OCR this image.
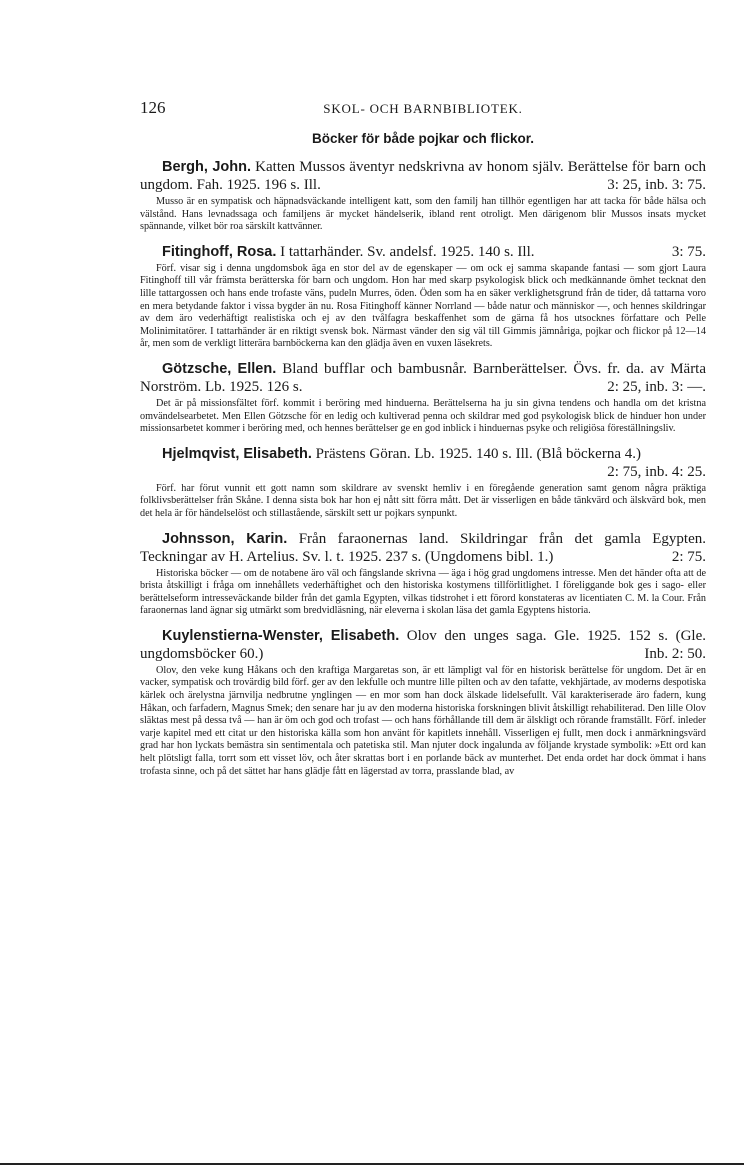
126	SKOL- OCH BARNBIBLIOTEK.
Böcker för både pojkar och flickor.
Bergh, John. Katten Mussos äventyr nedskrivna av honom själv. Berättelse för barn och ungdom. Fah. 1925. 196 s. Ill.	3: 25, inb. 3: 75.
Musso är en sympatisk och häpnadsväckande intelligent katt, som den familj han tillhör egentligen har att tacka för både hälsa och välstånd. Hans levnadssaga och familjens är mycket händelserik, ibland rent otroligt. Men därigenom blir Mussos insats mycket spännande, vilket bör roa särskilt kattvänner.
Fitinghoff, Rosa. I tattarhänder. Sv. andelsf. 1925. 140 s. Ill.	3: 75.
Förf. visar sig i denna ungdomsbok äga en stor del av de egenskaper — om ock ej samma skapande fantasi — som gjort Laura Fitinghoff till vår främsta berätterska för barn och ungdom. Hon har med skarp psykologisk blick och medkännande ömhet tecknat den lille tattargossen och hans ende trofaste väns, pudeln Murres, öden. Öden som ha en säker verklighetsgrund från de tider, då tattarna voro en mera betydande faktor i vissa bygder än nu. Rosa Fitinghoff känner Norrland — både natur och människor —, och hennes skildringar av dem äro vederhäftigt realistiska och ej av den tvålfagra beskaffenhet som de gärna få hos utsocknes författare och Pelle Molinimitatörer. I tattarhänder är en riktigt svensk bok. Närmast vänder den sig väl till Gimmis jämnåriga, pojkar och flickor på 12—14 år, men som de verkligt litterära barnböckerna kan den glädja även en vuxen läsekrets.
Götzsche, Ellen. Bland bufflar och bambusnår. Barnberättelser. Övs. fr. da. av Märta Norström. Lb. 1925. 126 s.	2: 25, inb. 3: —.
Det är på missionsfältet förf. kommit i beröring med hinduerna. Berättelserna ha ju sin givna tendens och handla om det kristna omvändelsearbetet. Men Ellen Götzsche för en ledig och kultiverad penna och skildrar med god psykologisk blick de hinduer hon under missionsarbetet kommer i beröring med, och hennes berättelser ge en god inblick i hinduernas psyke och religiösa föreställningsliv.
Hjelmqvist, Elisabeth. Prästens Göran. Lb. 1925. 140 s. Ill. (Blå böckerna 4.)
2: 75, inb. 4: 25.
Förf. har förut vunnit ett gott namn som skildrare av svenskt hemliv i en föregående generation samt genom några präktiga folklivsberättelser från Skåne. I denna sista bok har hon ej nått sitt förra mått. Det är visserligen en både tänkvärd och älskvärd bok, men det hela är för händelselöst och stillastående, särskilt sett ur pojkars synpunkt.
Johnsson, Karin. Från faraonernas land. Skildringar från det gamla Egypten. Teckningar av H. Artelius. Sv. l. t. 1925. 237 s. (Ungdomens bibl. 1.)	2: 75.
Historiska böcker — om de notabene äro väl och fängslande skrivna — äga i hög grad ungdomens intresse. Men det händer ofta att de brista åtskilligt i fråga om innehållets vederhäftighet och den historiska kostymens tillförlitlighet. I föreliggande bok ges i sago- eller berättelseform intresseväckande bilder från det gamla Egypten, vilkas tidstrohet i ett förord konstateras av licentiaten C. M. la Cour. Från faraonernas land ägnar sig utmärkt som bredvidläsning, när eleverna i skolan läsa det gamla Egyptens historia.
Kuylenstierna-Wenster, Elisabeth. Olov den unges saga. Gle. 1925. 152 s. (Gle. ungdomsböcker 60.)	Inb. 2: 50.
Olov, den veke kung Håkans och den kraftiga Margaretas son, är ett lämpligt val för en historisk berättelse för ungdom. Det är en vacker, sympatisk och trovärdig bild förf. ger av den lekfulle och muntre lille pilten och av den tafatte, vekhjärtade, av moderns despotiska kärlek och ärelystna järnvilja nedbrutne ynglingen — en mor som han dock älskade lidelsefullt. Väl karakteriserade äro fadern, kung Håkan, och farfadern, Magnus Smek; den senare har ju av den moderna historiska forskningen blivit åtskilligt rehabiliterad. Den lille Olov släktas mest på dessa två — han är öm och god och trofast — och hans förhållande till dem är älskligt och rörande framställt. Förf. inleder varje kapitel med ett citat ur den historiska källa som hon använt för kapitlets innehåll. Visserligen ej fullt, men dock i anmärkningsvärd grad har hon lyckats bemästra sin sentimentala och patetiska stil. Man njuter dock ingalunda av följande krystade symbolik: »Ett ord kan helt plötsligt falla, torrt som ett visset löv, och åter skrattas bort i en porlande bäck av munterhet. Det enda ordet har dock ömmat i hans trofasta sinne, och på det sättet har hans glädje fått en lägerstad av torra, prasslande blad, av
